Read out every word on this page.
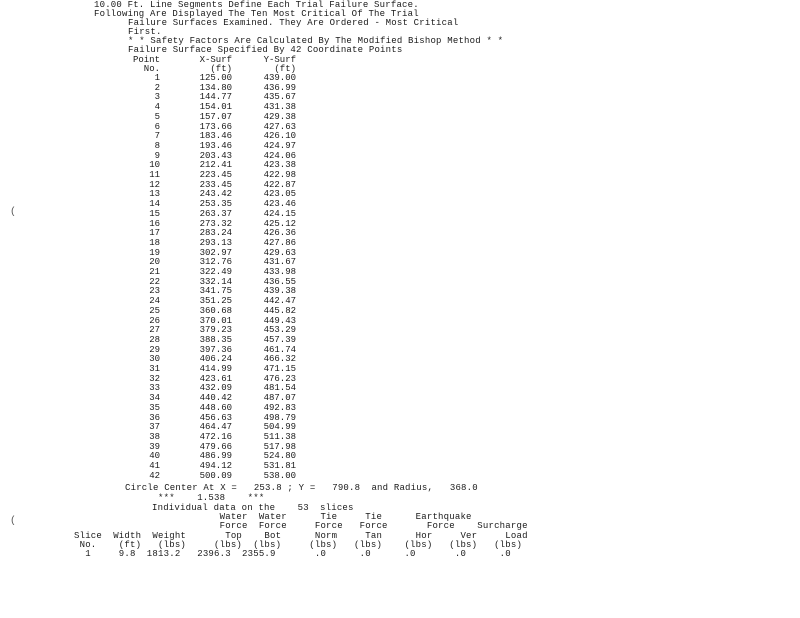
10.00 Ft. Line Segments Define Each Trial Failure Surface.
Following Are Displayed The Ten Most Critical Of The Trial
Failure Surfaces Examined. They Are Ordered - Most Critical
First.
* * Safety Factors Are Calculated By The Modified Bishop Method * *
Failure Surface Specified By 42 Coordinate Points
Point	X-Surf	Y-Surf
No.	(ft)	(ft)
1	125.00	439.00
2	134.80	436.99
3	144.77	435.67
4	154.01	431.38
5	157.07	429.38
6	173.66	427.63
7	183.46	426.10
8	193.46	424.97
9	203.43	424.06
10	212.41	423.38
11	223.45	422.98
12	233.45	422.87
13	243.42	423.05
14	253.35	423.46
15	263.37	424.15
16	273.32	425.12
17	283.24	426.36
18	293.13	427.86
19	302.97	429.63
20	312.76	431.67
21	322.49	433.98
22	332.14	436.55
23	341.75	439.38
24	351.25	442.47
25	360.68	445.82
26	370.01	449.43
27	379.23	453.29
28	388.35	457.39
29	397.36	461.74
30	406.24	466.32
31	414.99	471.15
32	423.61	476.23
33	432.09	481.54
34	440.42	487.07
35	448.60	492.83
36	456.63	498.79
37	464.47	504.99
38	472.16	511.38
39	479.66	517.98
40	486.99	524.80
41	494.12	531.81
42	500.09	538.00
Circle Center At X =   253.8 ; Y =   790.8  and Radius,   368.0
***    1.538    ***
Individual data on the    53  slices
Water  Water      Tie     Tie      Earthquake
Force  Force     Force   Force       Force    Surcharge
Slice  Width  Weight       Top    Bot      Norm     Tan      Hor     Ver     Load
No.    (ft)   (lbs)     (lbs)  (lbs)     (lbs)   (lbs)    (lbs)   (lbs)   (lbs)
1     9.8  1813.2   2396.3  2355.9       .0      .0      .0       .0      .0
(
(
